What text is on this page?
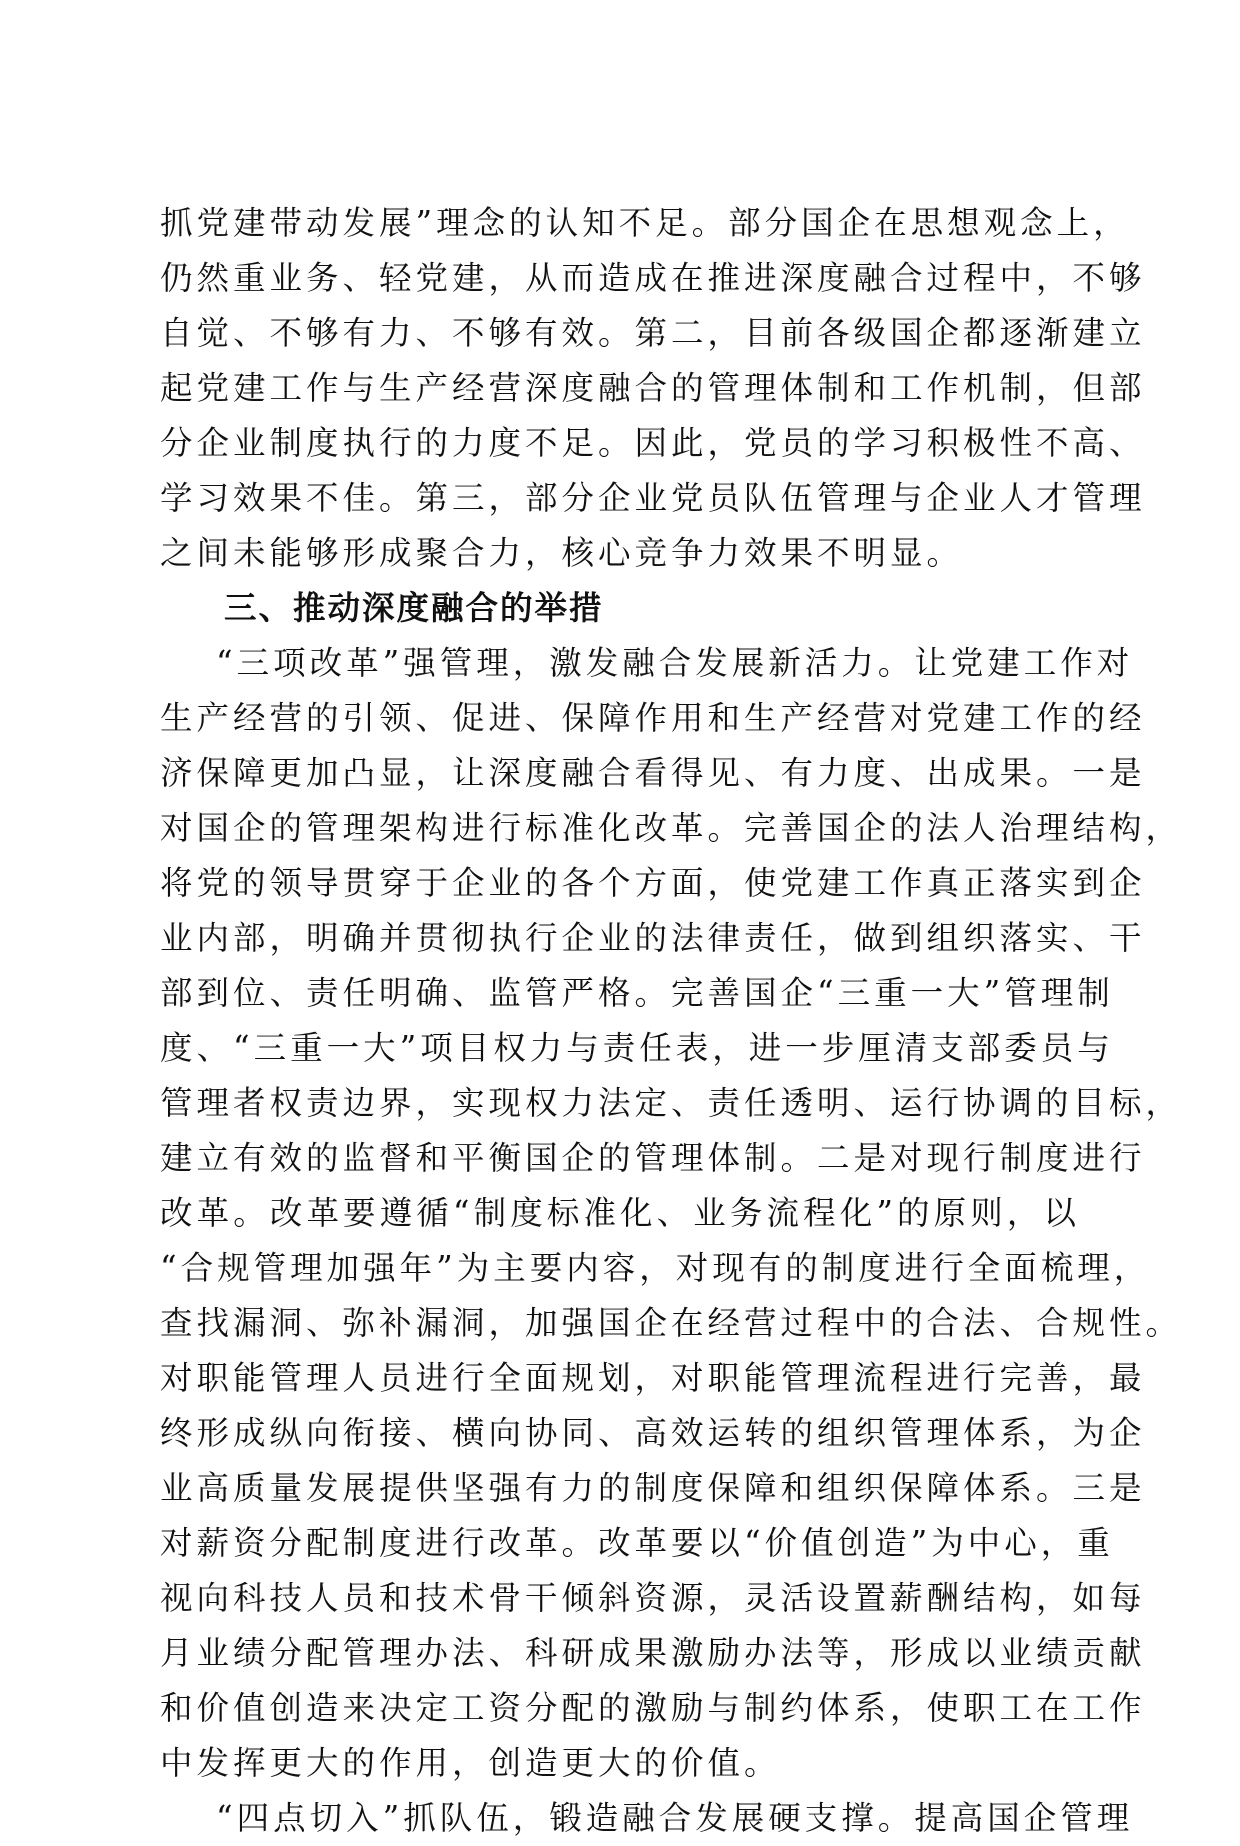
抓党建带动发展”理念的认知不足。部分国企在思想观念上，
仍然重业务、轻党建，从而造成在推进深度融合过程中，不够
自觉、不够有力、不够有效。第二，目前各级国企都逐渐建立
起党建工作与生产经营深度融合的管理体制和工作机制，但部
分企业制度执行的力度不足。因此，党员的学习积极性不高、
学习效果不佳。第三，部分企业党员队伍管理与企业人才管理
之间未能够形成聚合力，核心竞争力效果不明显。
三、推动深度融合的举措
“三项改革”强管理，激发融合发展新活力。让党建工作对
生产经营的引领、促进、保障作用和生产经营对党建工作的经
济保障更加凸显，让深度融合看得见、有力度、出成果。一是
对国企的管理架构进行标准化改革。完善国企的法人治理结构，
将党的领导贯穿于企业的各个方面，使党建工作真正落实到企
业内部，明确并贯彻执行企业的法律责任，做到组织落实、干
部到位、责任明确、监管严格。完善国企“三重一大”管理制
度、“三重一大”项目权力与责任表，进一步厘清支部委员与
管理者权责边界，实现权力法定、责任透明、运行协调的目标，
建立有效的监督和平衡国企的管理体制。二是对现行制度进行
改革。改革要遵循“制度标准化、业务流程化”的原则，以
“合规管理加强年”为主要内容，对现有的制度进行全面梳理，
查找漏洞、弥补漏洞，加强国企在经营过程中的合法、合规性。
对职能管理人员进行全面规划，对职能管理流程进行完善，最
终形成纵向衔接、横向协同、高效运转的组织管理体系，为企
业高质量发展提供坚强有力的制度保障和组织保障体系。三是
对薪资分配制度进行改革。改革要以“价值创造”为中心，重
视向科技人员和技术骨干倾斜资源，灵活设置薪酬结构，如每
月业绩分配管理办法、科研成果激励办法等，形成以业绩贡献
和价值创造来决定工资分配的激励与制约体系，使职工在工作
中发挥更大的作用，创造更大的价值。
“四点切入”抓队伍，锻造融合发展硬支撑。提高国企管理
